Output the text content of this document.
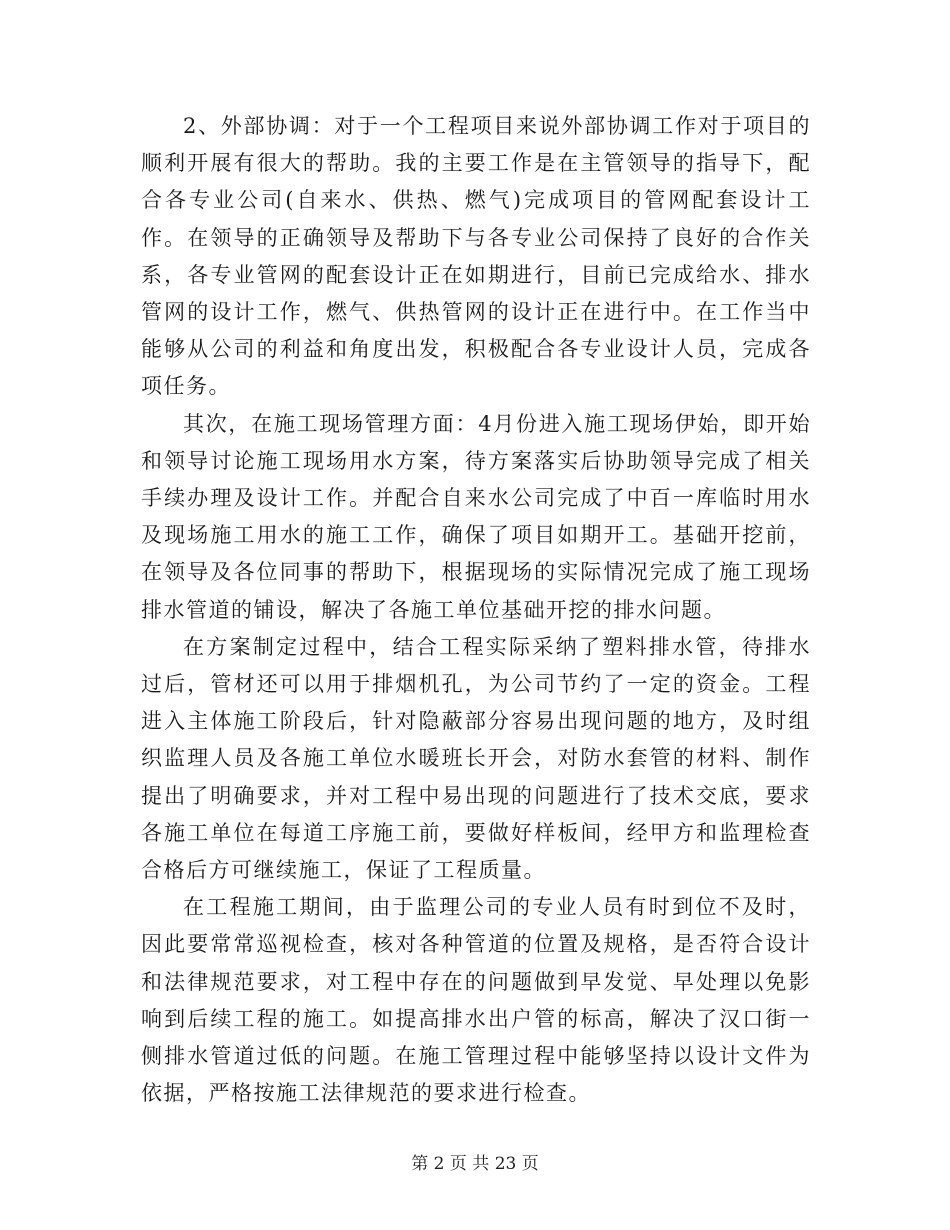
2、外部协调：对于一个工程项目来说外部协调工作对于项目的顺利开展有很大的帮助。我的主要工作是在主管领导的指导下，配合各专业公司(自来水、供热、燃气)完成项目的管网配套设计工作。在领导的正确领导及帮助下与各专业公司保持了良好的合作关系，各专业管网的配套设计正在如期进行，目前已完成给水、排水管网的设计工作，燃气、供热管网的设计正在进行中。在工作当中能够从公司的利益和角度出发，积极配合各专业设计人员，完成各项任务。

其次，在施工现场管理方面：4月份进入施工现场伊始，即开始和领导讨论施工现场用水方案，待方案落实后协助领导完成了相关手续办理及设计工作。并配合自来水公司完成了中百一库临时用水及现场施工用水的施工工作，确保了项目如期开工。基础开挖前，在领导及各位同事的帮助下，根据现场的实际情况完成了施工现场排水管道的铺设，解决了各施工单位基础开挖的排水问题。

在方案制定过程中，结合工程实际采纳了塑料排水管，待排水过后，管材还可以用于排烟机孔，为公司节约了一定的资金。工程进入主体施工阶段后，针对隐蔽部分容易出现问题的地方，及时组织监理人员及各施工单位水暖班长开会，对防水套管的材料、制作提出了明确要求，并对工程中易出现的问题进行了技术交底，要求各施工单位在每道工序施工前，要做好样板间，经甲方和监理检查合格后方可继续施工，保证了工程质量。

在工程施工期间，由于监理公司的专业人员有时到位不及时，因此要常常巡视检查，核对各种管道的位置及规格，是否符合设计和法律规范要求，对工程中存在的问题做到早发觉、早处理以免影响到后续工程的施工。如提高排水出户管的标高，解决了汉口街一侧排水管道过低的问题。在施工管理过程中能够坚持以设计文件为依据，严格按施工法律规范的要求进行检查。

第 2 页 共 23 页
